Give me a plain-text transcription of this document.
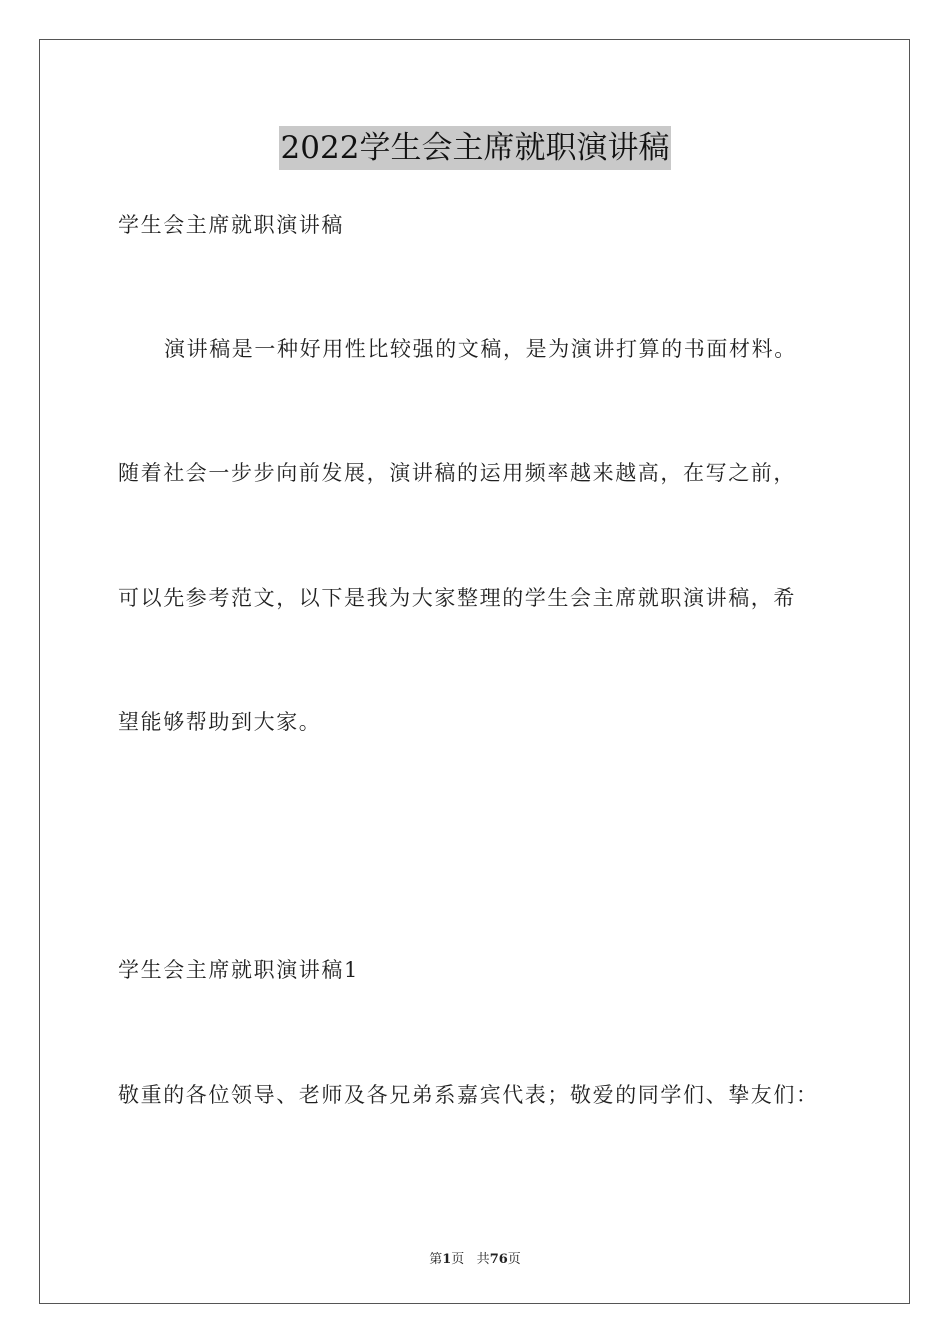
2022学生会主席就职演讲稿
学生会主席就职演讲稿
演讲稿是一种好用性比较强的文稿，是为演讲打算的书面材料。
随着社会一步步向前发展，演讲稿的运用频率越来越高，在写之前，
可以先参考范文，以下是我为大家整理的学生会主席就职演讲稿，希
望能够帮助到大家。
学生会主席就职演讲稿1
敬重的各位领导、老师及各兄弟系嘉宾代表；敬爱的同学们、挚友们：
第1页 共76页
